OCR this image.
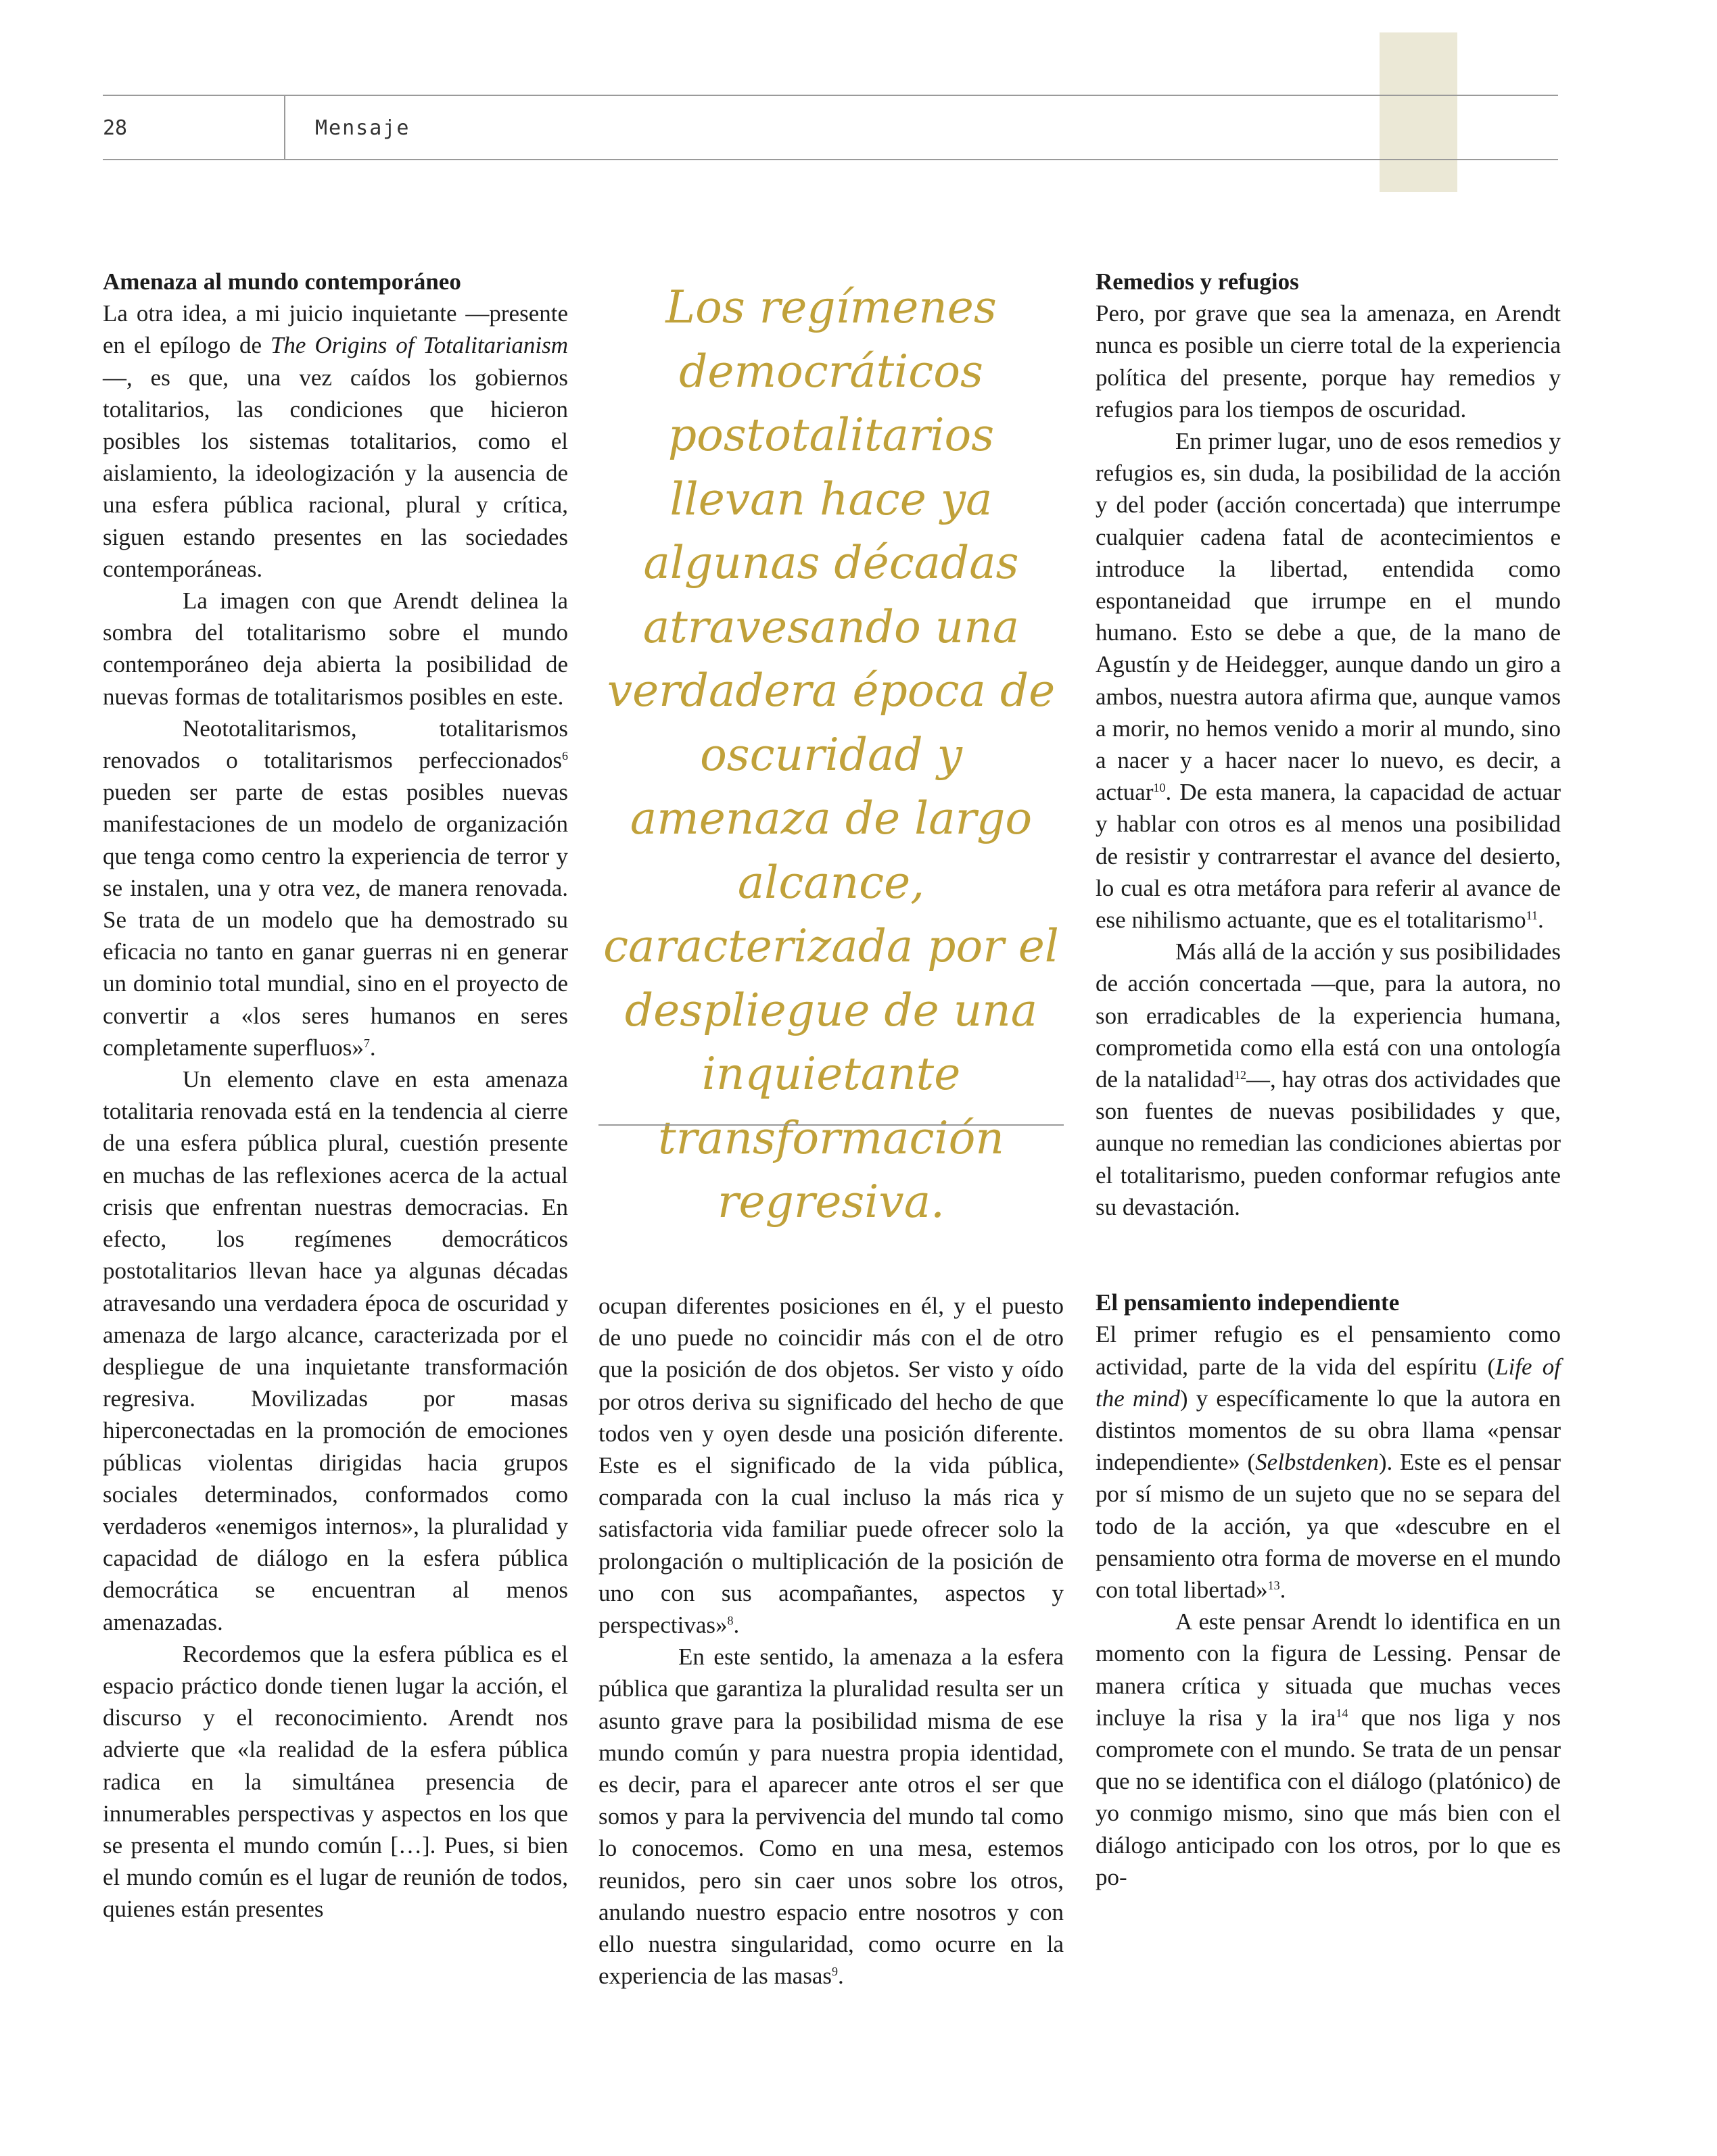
28	Mensaje
Amenaza al mundo contemporáneo

La otra idea, a mi juicio inquietante —presente en el epílogo de The Origins of Totalitarianism—, es que, una vez caídos los gobiernos totalitarios, las condiciones que hicieron posibles los sistemas totalitarios, como el aislamiento, la ideologización y la ausencia de una esfera pública racional, plural y crítica, siguen estando presentes en las sociedades contemporáneas.

La imagen con que Arendt delinea la sombra del totalitarismo sobre el mundo contemporáneo deja abierta la posibilidad de nuevas formas de totalitarismos posibles en este.

Neototalitarismos, totalitarismos renovados o totalitarismos perfeccionados$^6$ pueden ser parte de estas posibles nuevas manifestaciones de un modelo de organización que tenga como centro la experiencia de terror y se instalen, una y otra vez, de manera renovada. Se trata de un modelo que ha demostrado su eficacia no tanto en ganar guerras ni en generar un dominio total mundial, sino en el proyecto de convertir a «los seres humanos en seres completamente superfluos»$^7$.

Un elemento clave en esta amenaza totalitaria renovada está en la tendencia al cierre de una esfera pública plural, cuestión presente en muchas de las reflexiones acerca de la actual crisis que enfrentan nuestras democracias. En efecto, los regímenes democráticos postotalitarios llevan hace ya algunas décadas atravesando una verdadera época de oscuridad y amenaza de largo alcance, caracterizada por el despliegue de una inquietante transformación regresiva. Movilizadas por masas hiperconectadas en la promoción de emociones públicas violentas dirigidas hacia grupos sociales determinados, conformados como verdaderos «enemigos internos», la pluralidad y capacidad de diálogo en la esfera pública democrática se encuentran al menos amenazadas.

Recordemos que la esfera pública es el espacio práctico donde tienen lugar la acción, el discurso y el reconocimiento. Arendt nos advierte que «la realidad de la esfera pública radica en la simultánea presencia de innumerables perspectivas y aspectos en los que se presenta el mundo común […]. Pues, si bien el mundo común es el lugar de reunión de todos, quienes están presentes

Los regímenes democráticos postotalitarios llevan hace ya algunas décadas atravesando una verdadera época de oscuridad y amenaza de largo alcance, caracterizada por el despliegue de una inquietante transformación regresiva.

ocupan diferentes posiciones en él, y el puesto de uno puede no coincidir más con el de otro que la posición de dos objetos. Ser visto y oído por otros deriva su significado del hecho de que todos ven y oyen desde una posición diferente. Este es el significado de la vida pública, comparada con la cual incluso la más rica y satisfactoria vida familiar puede ofrecer solo la prolongación o multiplicación de la posición de uno con sus acompañantes, aspectos y perspectivas»$^8$.

En este sentido, la amenaza a la esfera pública que garantiza la pluralidad resulta ser un asunto grave para la posibilidad misma de ese mundo común y para nuestra propia identidad, es decir, para el aparecer ante otros el ser que somos y para la pervivencia del mundo tal como lo conocemos. Como en una mesa, estemos reunidos, pero sin caer unos sobre los otros, anulando nuestro espacio entre nosotros y con ello nuestra singularidad, como ocurre en la experiencia de las masas$^9$.

Remedios y refugios

Pero, por grave que sea la amenaza, en Arendt nunca es posible un cierre total de la experiencia política del presente, porque hay remedios y refugios para los tiempos de oscuridad.

En primer lugar, uno de esos remedios y refugios es, sin duda, la posibilidad de la acción y del poder (acción concertada) que interrumpe cualquier cadena fatal de acontecimientos e introduce la libertad, entendida como espontaneidad que irrumpe en el mundo humano. Esto se debe a que, de la mano de Agustín y de Heidegger, aunque dando un giro a ambos, nuestra autora afirma que, aunque vamos a morir, no hemos venido a morir al mundo, sino a nacer y a hacer nacer lo nuevo, es decir, a actuar$^{10}$. De esta manera, la capacidad de actuar y hablar con otros es al menos una posibilidad de resistir y contrarrestar el avance del desierto, lo cual es otra metáfora para referir al avance de ese nihilismo actuante, que es el totalitarismo$^{11}$.

Más allá de la acción y sus posibilidades de acción concertada —que, para la autora, no son erradicables de la experiencia humana, comprometida como ella está con una ontología de la natalidad$^{12}$—, hay otras dos actividades que son fuentes de nuevas posibilidades y que, aunque no remedian las condiciones abiertas por el totalitarismo, pueden conformar refugios ante su devastación.

El pensamiento independiente

El primer refugio es el pensamiento como actividad, parte de la vida del espíritu (Life of the mind) y específicamente lo que la autora en distintos momentos de su obra llama «pensar independiente» (Selbstdenken). Este es el pensar por sí mismo de un sujeto que no se separa del todo de la acción, ya que «descubre en el pensamiento otra forma de moverse en el mundo con total libertad»$^{13}$.

A este pensar Arendt lo identifica en un momento con la figura de Lessing. Pensar de manera crítica y situada que muchas veces incluye la risa y la ira$^{14}$ que nos liga y nos compromete con el mundo. Se trata de un pensar que no se identifica con el diálogo (platónico) de yo conmigo mismo, sino que más bien con el diálogo anticipado con los otros, por lo que es po-
